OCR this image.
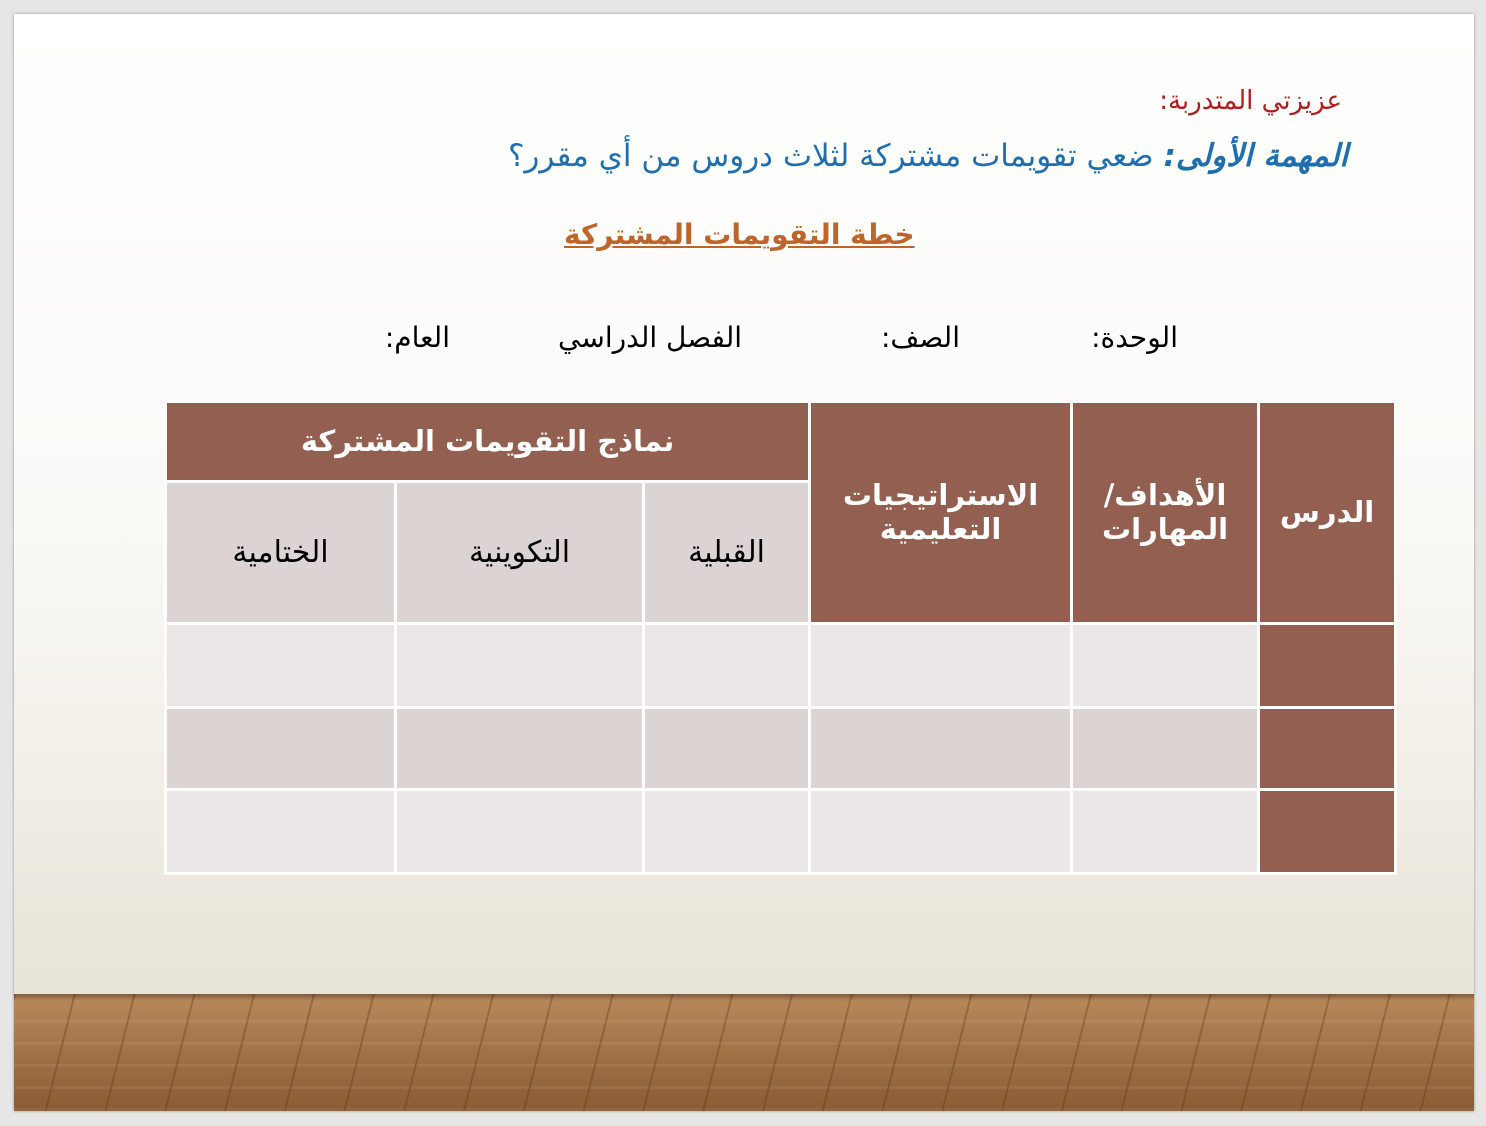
عزيزتي المتدربة:
المهمة الأولى: ضعي تقويمات مشتركة لثلاث دروس من أي مقرر؟
خطة التقويمات المشتركة
الوحدة:
الصف:
الفصل الدراسي
العام:
الدرس	الأهداف/ المهارات	الاستراتيجيات التعليمية	نماذج التقويمات المشتركة		
			القبلية	التكوينية	الختامية
